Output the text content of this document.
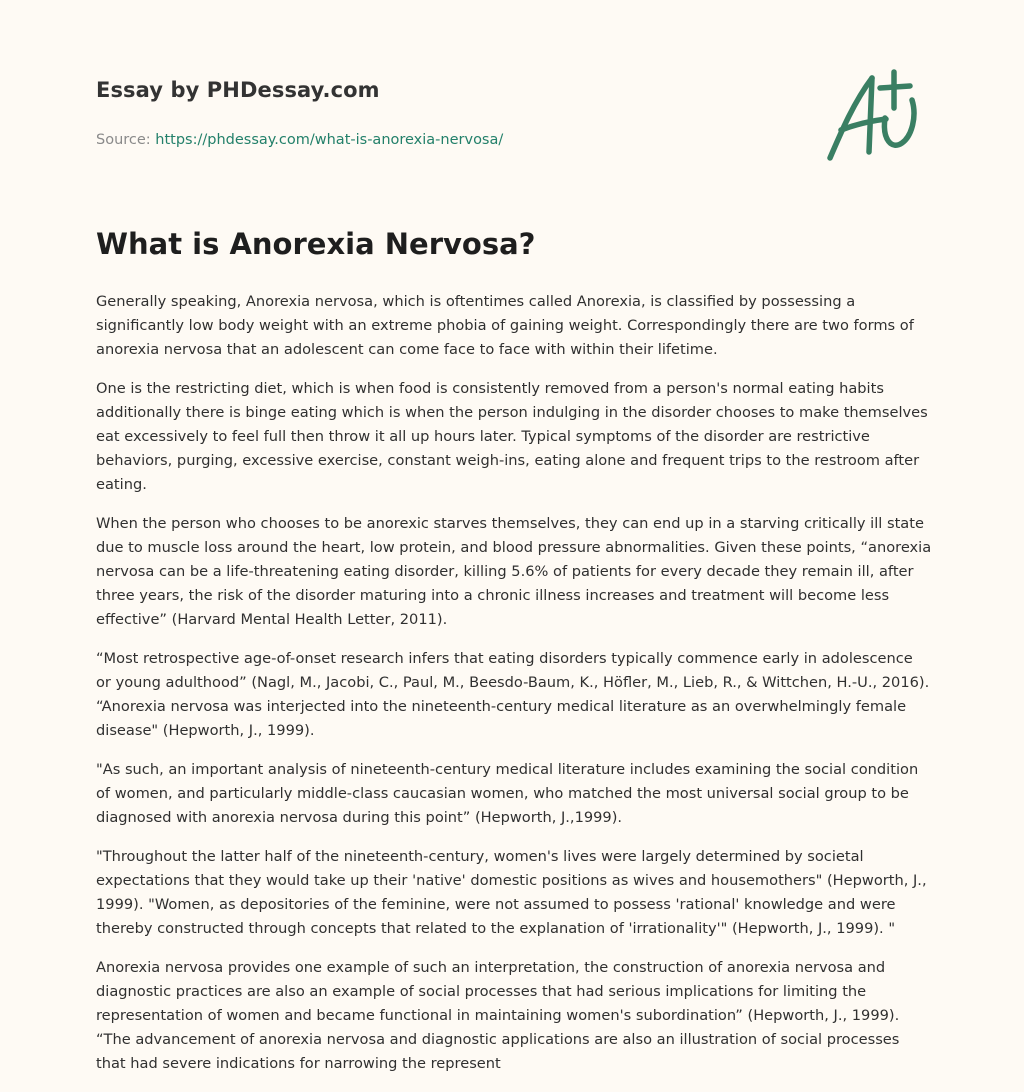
Essay by PHDessay.com
Source: https://phdessay.com/what-is-anorexia-nervosa/
What is Anorexia Nervosa?

Generally speaking, Anorexia nervosa, which is oftentimes called Anorexia, is classified by possessing a significantly low body weight with an extreme phobia of gaining weight. Correspondingly there are two forms of anorexia nervosa that an adolescent can come face to face with within their lifetime.

One is the restricting diet, which is when food is consistently removed from a person's normal eating habits additionally there is binge eating which is when the person indulging in the disorder chooses to make themselves eat excessively to feel full then throw it all up hours later. Typical symptoms of the disorder are restrictive behaviors, purging, excessive exercise, constant weigh-ins, eating alone and frequent trips to the restroom after eating.

When the person who chooses to be anorexic starves themselves, they can end up in a starving critically ill state due to muscle loss around the heart, low protein, and blood pressure abnormalities. Given these points, “anorexia nervosa can be a life-threatening eating disorder, killing 5.6% of patients for every decade they remain ill, after three years, the risk of the disorder maturing into a chronic illness increases and treatment will become less effective” (Harvard Mental Health Letter, 2011).

“Most retrospective age-of-onset research infers that eating disorders typically commence early in adolescence or young adulthood” (Nagl, M., Jacobi, C., Paul, M., Beesdo-Baum, K., Höfler, M., Lieb, R., & Wittchen, H.-U., 2016). “Anorexia nervosa was interjected into the nineteenth-century medical literature as an overwhelmingly female disease" (Hepworth, J., 1999).

"As such, an important analysis of nineteenth-century medical literature includes examining the social condition of women, and particularly middle-class caucasian women, who matched the most universal social group to be diagnosed with anorexia nervosa during this point” (Hepworth, J.,1999).

"Throughout the latter half of the nineteenth-century, women's lives were largely determined by societal expectations that they would take up their 'native' domestic positions as wives and housemothers" (Hepworth, J., 1999). "Women, as depositories of the feminine, were not assumed to possess 'rational' knowledge and were thereby constructed through concepts that related to the explanation of 'irrationality'" (Hepworth, J., 1999). "

Anorexia nervosa provides one example of such an interpretation, the construction of anorexia nervosa and diagnostic practices are also an example of social processes that had serious implications for limiting the representation of women and became functional in maintaining women's subordination” (Hepworth, J., 1999). “The advancement of anorexia nervosa and diagnostic applications are also an illustration of social processes that had severe indications for narrowing the represent
